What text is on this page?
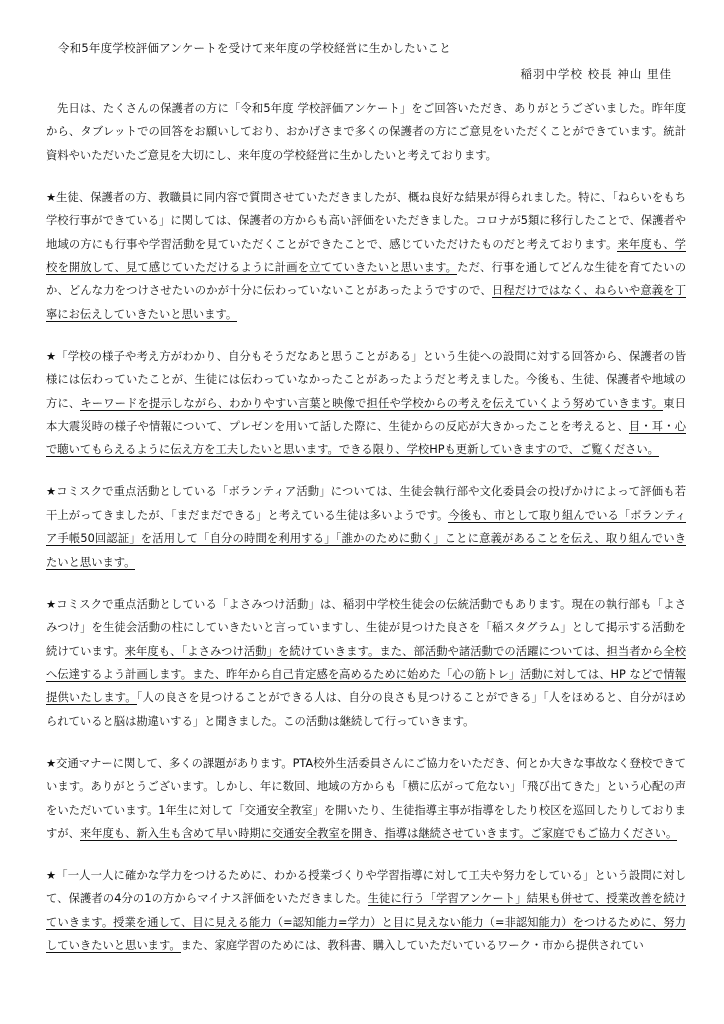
令和5年度学校評価アンケートを受けて来年度の学校経営に生かしたいこと
稲羽中学校 校長 神山 里佳

先日は、たくさんの保護者の方に「令和5年度 学校評価アンケート」をご回答いただき、ありがとうございました。昨年度から、タブレットでの回答をお願いしており、おかげさまで多くの保護者の方にご意見をいただくことができています。統計資料やいただいたご意見を大切にし、来年度の学校経営に生かしたいと考えております。

★生徒、保護者の方、教職員に同内容で質問させていただきましたが、概ね良好な結果が得られました。特に、「ねらいをもち学校行事ができている」に関しては、保護者の方からも高い評価をいただきました。コロナが5類に移行したことで、保護者や地域の方にも行事や学習活動を見ていただくことができたことで、感じていただけたものだと考えております。来年度も、学校を開放して、見て感じていただけるように計画を立てていきたいと思います。ただ、行事を通してどんな生徒を育てたいのか、どんな力をつけさせたいのかが十分に伝わっていないことがあったようですので、日程だけではなく、ねらいや意義を丁寧にお伝えしていきたいと思います。

★「学校の様子や考え方がわかり、自分もそうだなあと思うことがある」という生徒への設問に対する回答から、保護者の皆様には伝わっていたことが、生徒には伝わっていなかったことがあったようだと考えました。今後も、生徒、保護者や地域の方に、キーワードを提示しながら、わかりやすい言葉と映像で担任や学校からの考えを伝えていくよう努めていきます。東日本大震災時の様子や情報について、プレゼンを用いて話した際に、生徒からの反応が大きかったことを考えると、目・耳・心で聴いてもらえるように伝え方を工夫したいと思います。できる限り、学校HPも更新していきますので、ご覧ください。

★コミスクで重点活動としている「ボランティア活動」については、生徒会執行部や文化委員会の投げかけによって評価も若干上がってきましたが、「まだまだできる」と考えている生徒は多いようです。今後も、市として取り組んでいる「ボランティア手帳50回認証」を活用して「自分の時間を利用する」「誰かのために動く」ことに意義があることを伝え、取り組んでいきたいと思います。

★コミスクで重点活動としている「よさみつけ活動」は、稲羽中学校生徒会の伝統活動でもあります。現在の執行部も「よさみつけ」を生徒会活動の柱にしていきたいと言っていますし、生徒が見つけた良さを「稲スタグラム」として掲示する活動を続けています。来年度も、「よさみつけ活動」を続けていきます。また、部活動や諸活動での活躍については、担当者から全校へ伝達するよう計画します。また、昨年から自己肯定感を高めるために始めた「心の筋トレ」活動に対しては、HP などで情報提供いたします。「人の良さを見つけることができる人は、自分の良さも見つけることができる」「人をほめると、自分がほめられていると脳は勘違いする」と聞きました。この活動は継続して行っていきます。

★交通マナーに関して、多くの課題があります。PTA校外生活委員さんにご協力をいただき、何とか大きな事故なく登校できています。ありがとうございます。しかし、年に数回、地域の方からも「横に広がって危ない」「飛び出てきた」という心配の声をいただいています。1年生に対して「交通安全教室」を開いたり、生徒指導主事が指導をしたり校区を巡回したりしておりますが、来年度も、新入生も含めて早い時期に交通安全教室を開き、指導は継続させていきます。ご家庭でもご協力ください。

★「一人一人に確かな学力をつけるために、わかる授業づくりや学習指導に対して工夫や努力をしている」という設問に対して、保護者の4分の1の方からマイナス評価をいただきました。生徒に行う「学習アンケート」結果も併せて、授業改善を続けていきます。授業を通して、目に見える能力（=認知能力=学力）と目に見えない能力（=非認知能力）をつけるために、努力していきたいと思います。また、家庭学習のためには、教科書、購入していただいているワーク・市から提供されてい
